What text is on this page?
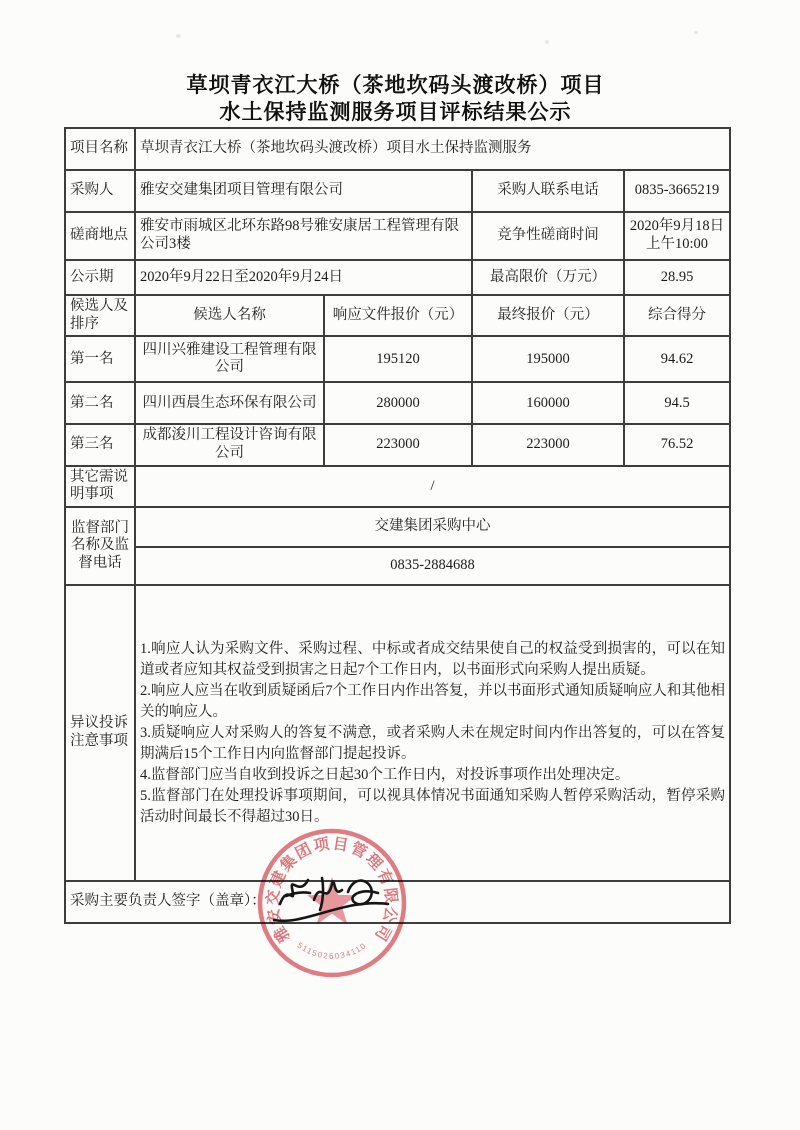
草坝青衣江大桥（茶地坎码头渡改桥）项目
水土保持监测服务项目评标结果公示
项目名称	草坝青衣江大桥（茶地坎码头渡改桥）项目水土保持监测服务			
采购人	雅安交建集团项目管理有限公司		采购人联系电话	0835-3665219
磋商地点	雅安市雨城区北环东路98号雅安康居工程管理有限公司3楼		竞争性磋商时间	2020年9月18日
上午10:00

公示期	2020年9月22日至2020年9月24日		最高限价（万元）	28.95
候选人及排序	候选人名称	响应文件报价（元）	最终报价（元）	综合得分
第一名	四川兴雅建设工程管理有限公司	195120	195000	94.62
第二名	四川西晨生态环保有限公司	280000	160000	94.5
第三名	成都浚川工程设计咨询有限公司	223000	223000	76.52
其它需说明事项	/			
监督部门名称及监督电话	交建集团采购中心			
	0835-2884688			
异议投诉注意事项	1.响应人认为采购文件、采购过程、中标或者成交结果使自己的权益受到损害的，可以在知道或者应知其权益受到损害之日起7个工作日内，以书面形式向采购人提出质疑。
2.响应人应当在收到质疑函后7个工作日内作出答复，并以书面形式通知质疑响应人和其他相关的响应人。
3.质疑响应人对采购人的答复不满意，或者采购人未在规定时间内作出答复的，可以在答复期满后15个工作日内向监督部门提起投诉。
4.监督部门应当自收到投诉之日起30个工作日内，对投诉事项作出处理决定。
5.监督部门在处理投诉事项期间，可以视具体情况书面通知采购人暂停采购活动，暂停采购活动时间最长不得超过30日。			

采购主要负责人签字（盖章）：				
雅安交建集团项目管理有限公司
5115026034110
